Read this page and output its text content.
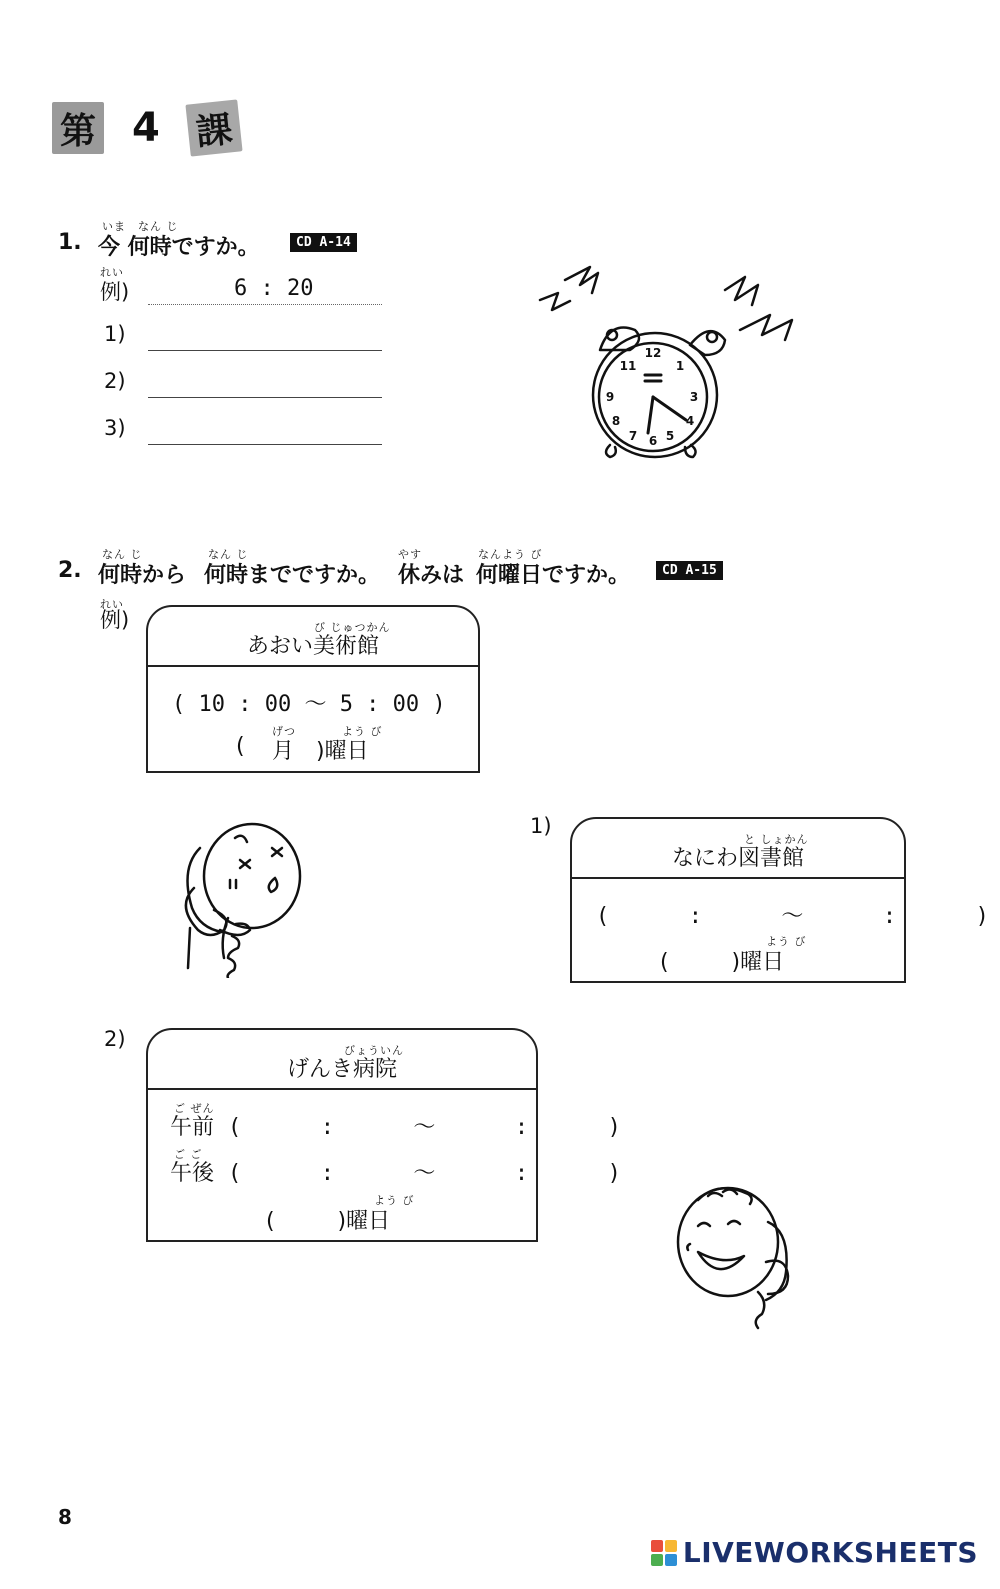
第 4 課
いま なん じ
1. 今 何時ですか。	CD A-14
れい
例)	6 : 20
1)
2)
3)
12
3
6
9
11	1
4
5
8
7
なん じ	なん じ	やす	なんよう び
2. 何時から 何時までですか。 休みは 何曜日ですか。	CD A-15
れい
例)	び じゅつかん
あおい美術館
( 10 : 00 ～ 5 : 00 )
げつ	よう び
( 月 )曜日
1)
と しょかん
なにわ図書館
(      :      ～      :      )
よう び
(         )曜日
2)	びょういん
げんき病院
ご ぜん
午前 (      :      ～      :      )
ご ご
午後 (      :      ～      :      )
よう び
(         )曜日
8
LIVEWORKSHEETS
